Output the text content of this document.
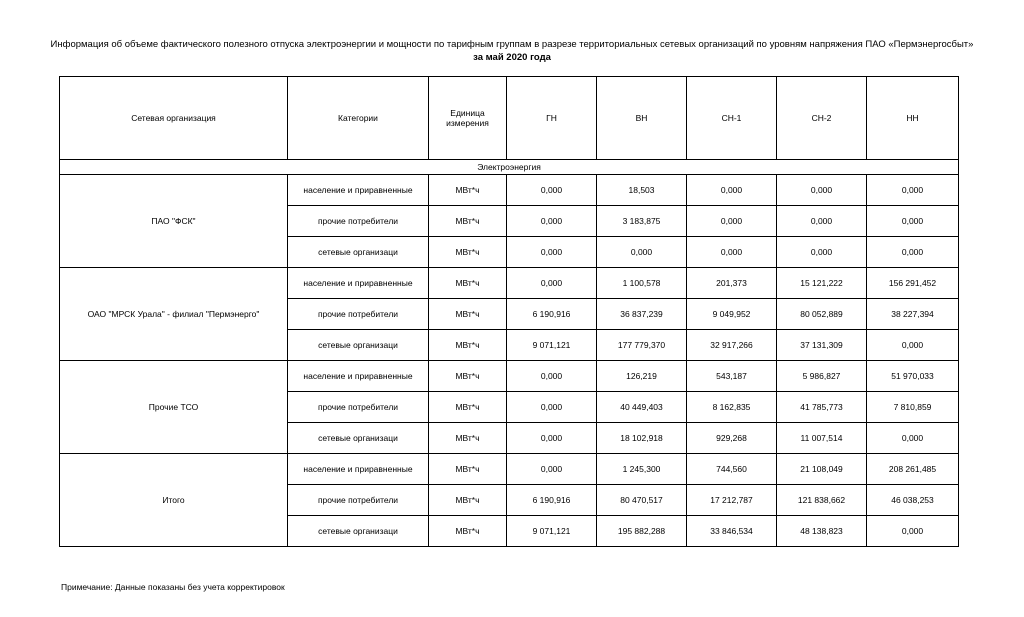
Информация об объеме фактического полезного отпуска электроэнергии и мощности по тарифным группам в разрезе территориальных сетевых организаций по уровням напряжения ПАО «Пермэнергосбыт»
за май 2020 года
Сетевая организация	Категории	Единица измерения	ГН	ВН	СН-1	СН-2	НН
Электроэнергия							
ПАО "ФСК"	население и приравненные	МВт*ч	0,000	18,503	0,000	0,000	0,000
	прочие потребители	МВт*ч	0,000	3 183,875	0,000	0,000	0,000
	сетевые организаци	МВт*ч	0,000	0,000	0,000	0,000	0,000
ОАО "МРСК Урала" - филиал "Пермэнерго"	население и приравненные	МВт*ч	0,000	1 100,578	201,373	15 121,222	156 291,452
	прочие потребители	МВт*ч	6 190,916	36 837,239	9 049,952	80 052,889	38 227,394
	сетевые организаци	МВт*ч	9 071,121	177 779,370	32 917,266	37 131,309	0,000
Прочие ТСО	население и приравненные	МВт*ч	0,000	126,219	543,187	5 986,827	51 970,033
	прочие потребители	МВт*ч	0,000	40 449,403	8 162,835	41 785,773	7 810,859
	сетевые организаци	МВт*ч	0,000	18 102,918	929,268	11 007,514	0,000
Итого	население и приравненные	МВт*ч	0,000	1 245,300	744,560	21 108,049	208 261,485
	прочие потребители	МВт*ч	6 190,916	80 470,517	17 212,787	121 838,662	46 038,253
	сетевые организаци	МВт*ч	9 071,121	195 882,288	33 846,534	48 138,823	0,000
Примечание: Данные показаны без учета корректировок
